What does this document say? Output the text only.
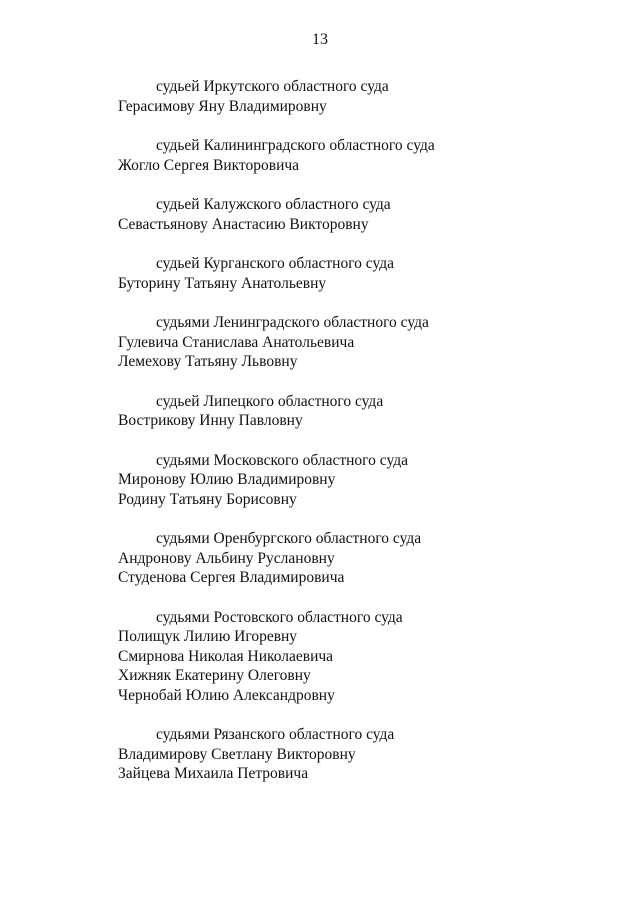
13
судьей Иркутского областного суда
Герасимову Яну Владимировну
судьей Калининградского областного суда
Жогло Сергея Викторовича
судьей Калужского областного суда
Севастьянову Анастасию Викторовну
судьей Курганского областного суда
Буторину Татьяну Анатольевну
судьями Ленинградского областного суда
Гулевича Станислава Анатольевича
Лемехову Татьяну Львовну
судьей Липецкого областного суда
Вострикову Инну Павловну
судьями Московского областного суда
Миронову Юлию Владимировну
Родину Татьяну Борисовну
судьями Оренбургского областного суда
Андронову Альбину Руслановну
Студенова Сергея Владимировича
судьями Ростовского областного суда
Полищук Лилию Игоревну
Смирнова Николая Николаевича
Хижняк Екатерину Олеговну
Чернобай Юлию Александровну
судьями Рязанского областного суда
Владимирову Светлану Викторовну
Зайцева Михаила Петровича
